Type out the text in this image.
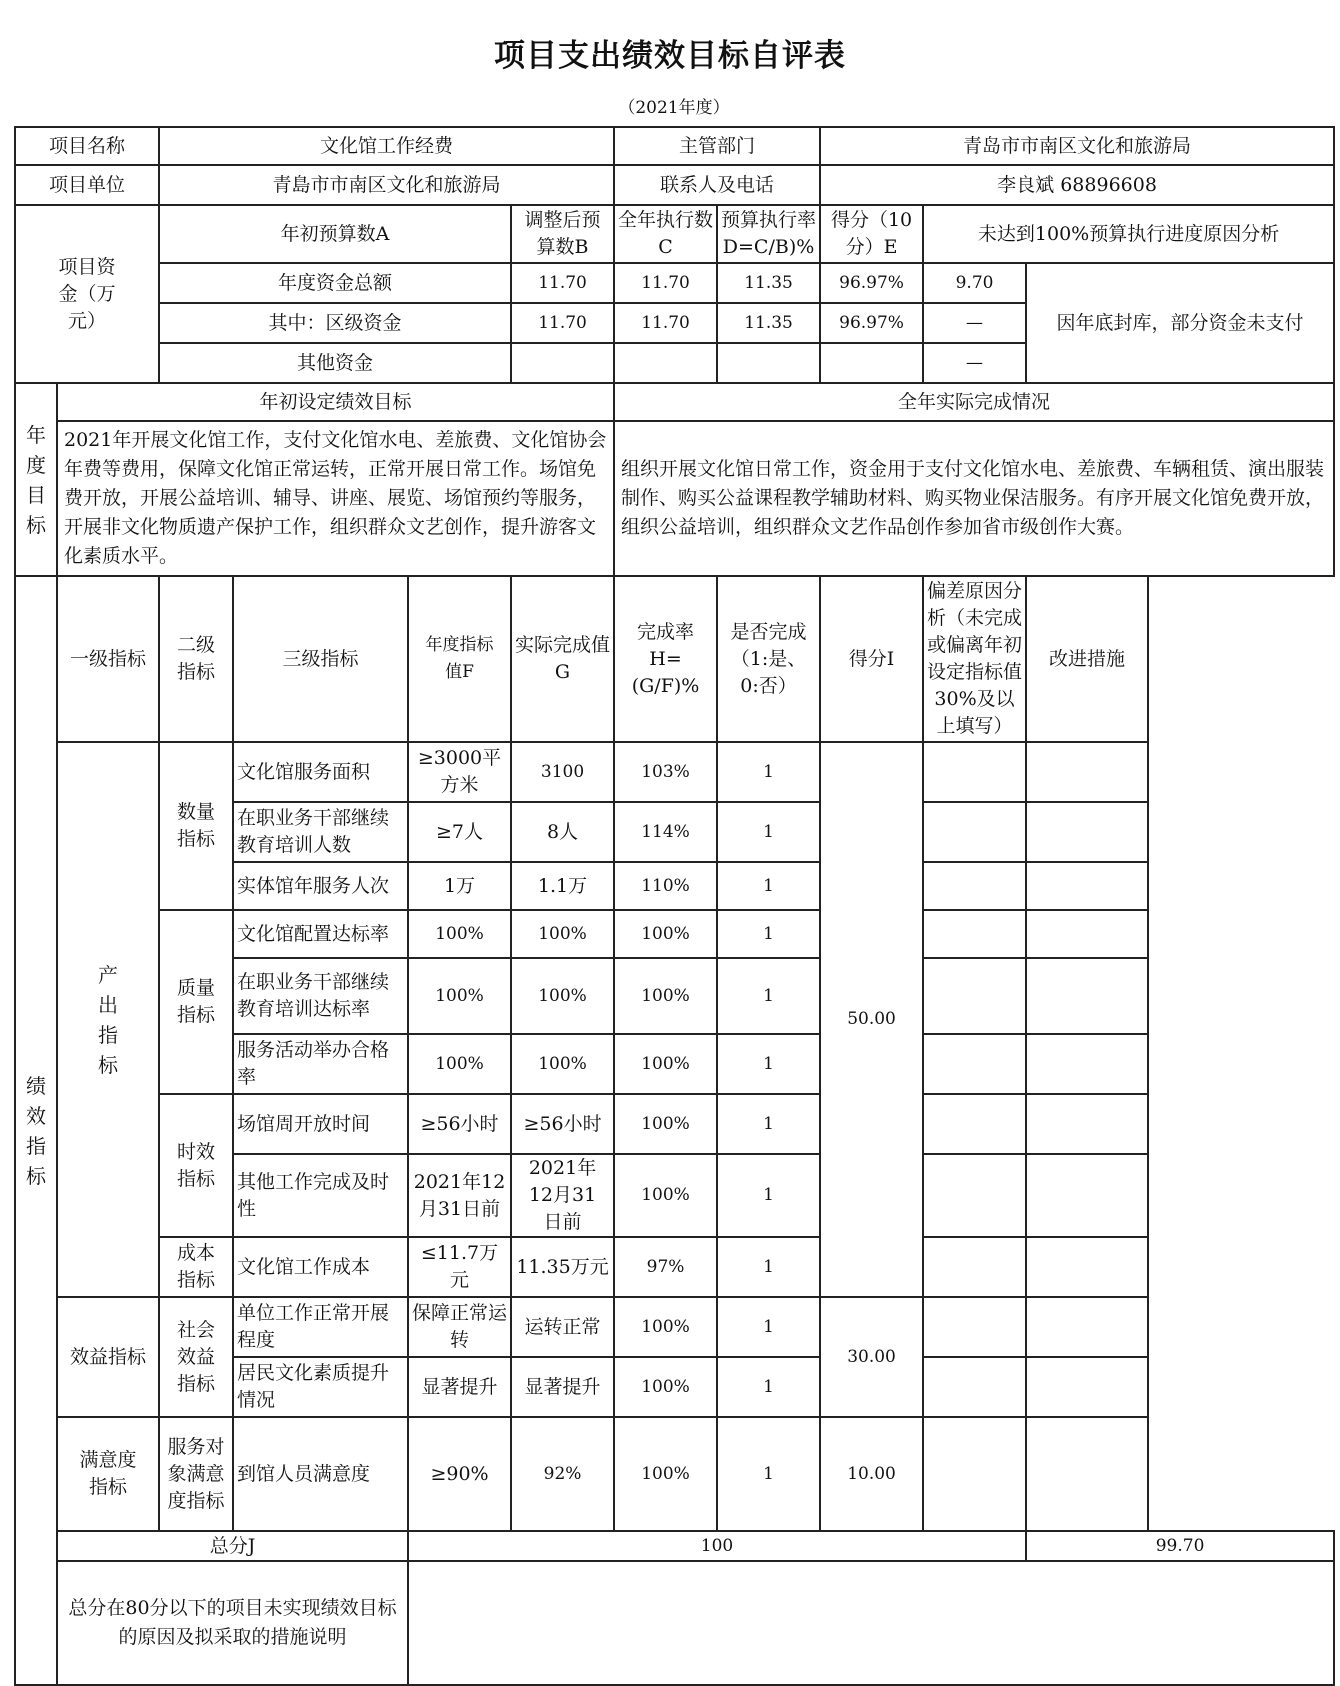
项目支出绩效目标自评表
（2021年度）
项目名称		文化馆工作经费				主管部门		青岛市市南区文化和旅游局		
项目单位		青島市市南区文化和旅游局				联系人及电话		李良斌 68896608		
项目资金（万元）		年初预算数A			调整后预算数B	全年执行数C	预算执行率D=C/B)%	得分（10分）E	未达到100%预算执行进度原因分析	
		年度资金总额			11.70	11.70	11.35	96.97%	9.70	因年底封库，部分资金未支付
		其中：区级资金			11.70	11.70	11.35	96.97%	—	
		其他资金							—	
年度目标	年初设定绩效目标					全年实际完成情况				
	2021年开展文化馆工作，支付文化馆水电、差旅费、文化馆协会年费等费用，保障文化馆正常运转，正常开展日常工作。场馆免费开放，开展公益培训、辅导、讲座、展览、场馆预约等服务，开展非文化物质遗产保护工作，组织群众文艺创作，提升游客文化素质水平。					组织开展文化馆日常工作，资金用于支付文化馆水电、差旅费、车辆租赁、演出服装制作、购买公益课程教学辅助材料、购买物业保洁服务。有序开展文化馆免费开放，组织公益培训，组织群众文艺作品创作参加省市级创作大赛。				
绩效指标	一级指标	二级指标	三级指标	年度指标值F	实际完成值G	完成率H=(G/F)%	是否完成（1:是、0:否）	得分I	偏差原因分析（未完成或偏离年初设定指标值30%及以上填写）	改进措施
	产出指标	数量指标	文化馆服务面积	≥3000平方米	3100	103%	1	50.00		
			在职业务干部继续教育培训人数	≥7人	8人	114%	1			
			实体馆年服务人次	1万	1.1万	110%	1			
		质量指标	文化馆配置达标率	100%	100%	100%	1			
			在职业务干部继续教育培训达标率	100%	100%	100%	1			
			服务活动举办合格率	100%	100%	100%	1			
		时效指标	场馆周开放时间	≥56小时	≥56小时	100%	1			
			其他工作完成及时性	2021年12月31日前	2021年12月31日前	100%	1			
		成本指标	文化馆工作成本	≤11.7万元	11.35万元	97%	1			
	效益指标	社会效益指标	单位工作正常开展程度	保障正常运转	运转正常	100%	1	30.00		
			居民文化素质提升情况	显著提升	显著提升	100%	1			
	满意度指标	服务对象满意度指标	到馆人员满意度	≥90%	92%	100%	1	10.00		
	总分J			100						99.70
	总分在80分以下的项目未实现绩效目标的原因及拟采取的措施说明									
